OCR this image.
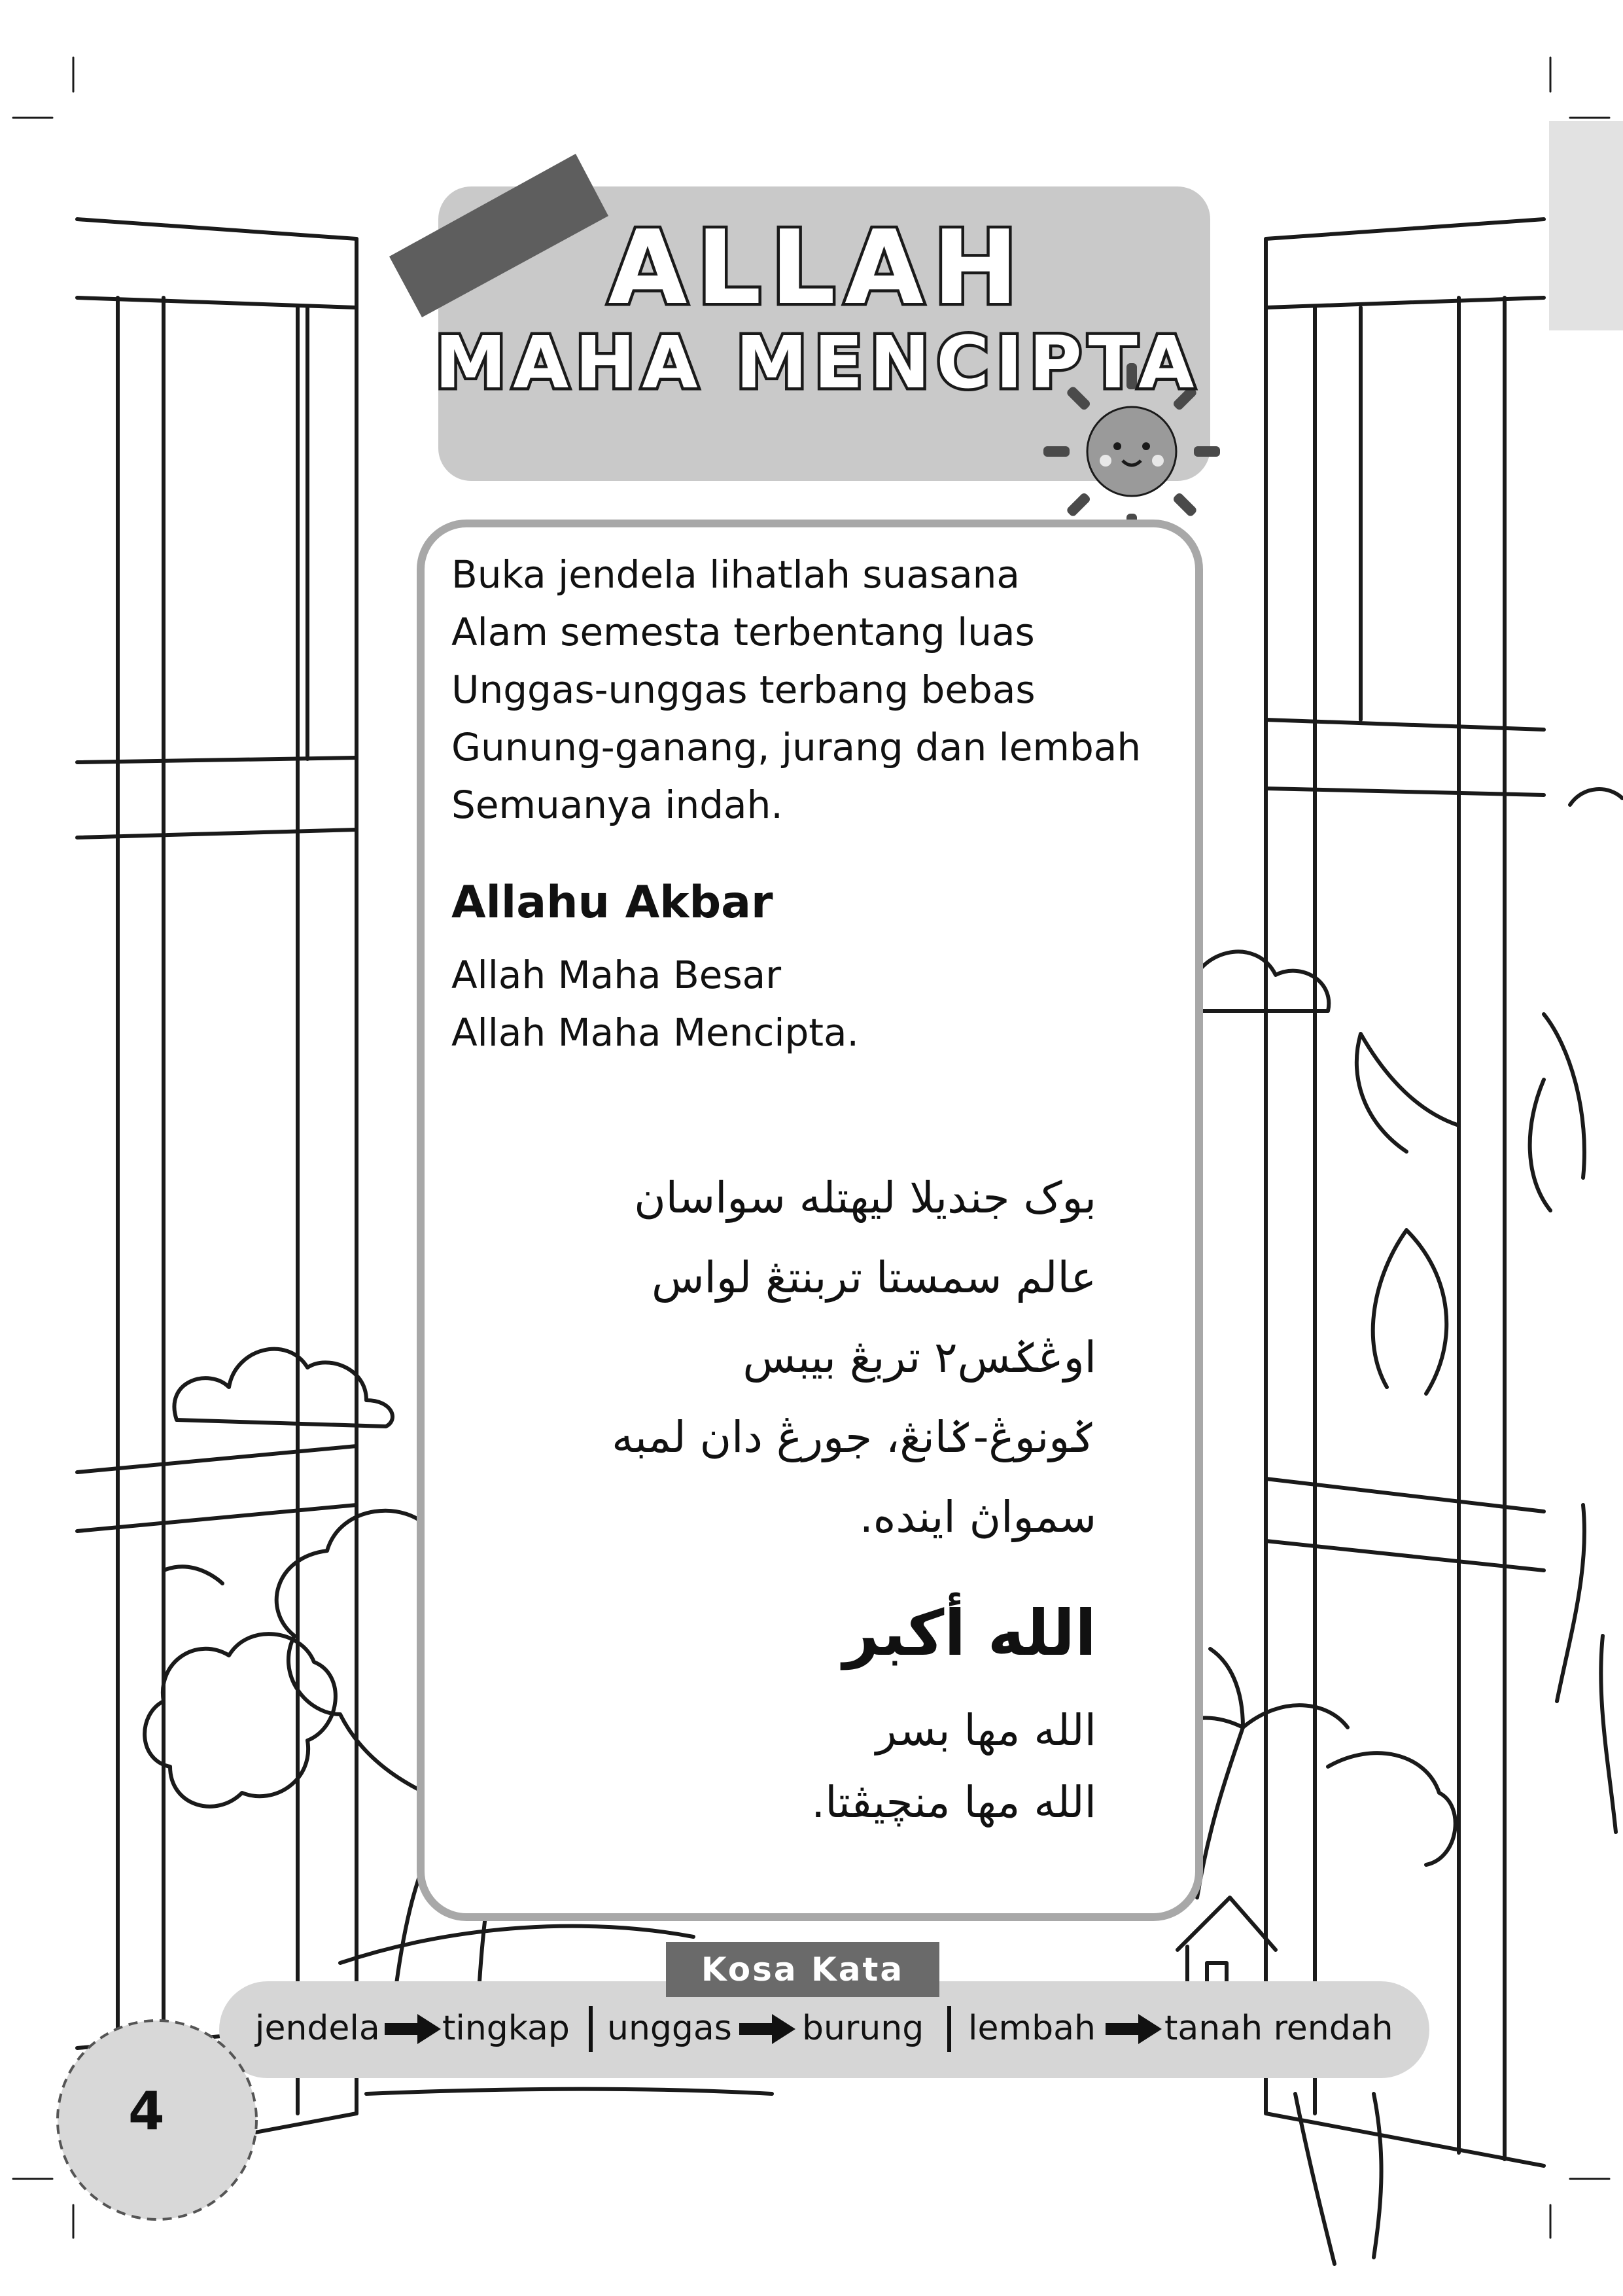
ALLAH
MAHA MENCIPTA
Buka jendela lihatlah suasana
Alam semesta terbentang luas
Unggas-unggas terbang bebas
Gunung-ganang, jurang dan lembah
Semuanya indah.
Allahu Akbar
Allah Maha Besar
Allah Maha Mencipta.
بوک جنديلا ليهتله سواسان
عالم سمستا تربنتڠ لواس
اوڠݢس٢ تربڠ بيبس
ݢونوڠ-ݢانڠ، جورڠ دان لمبه
سمواڽ ايندە.
الله أكبر
الله مها بسر
الله مها منچيڤتا.
Kosa Kata
jendela tingkap unggas burung lembah tanah rendah
4
